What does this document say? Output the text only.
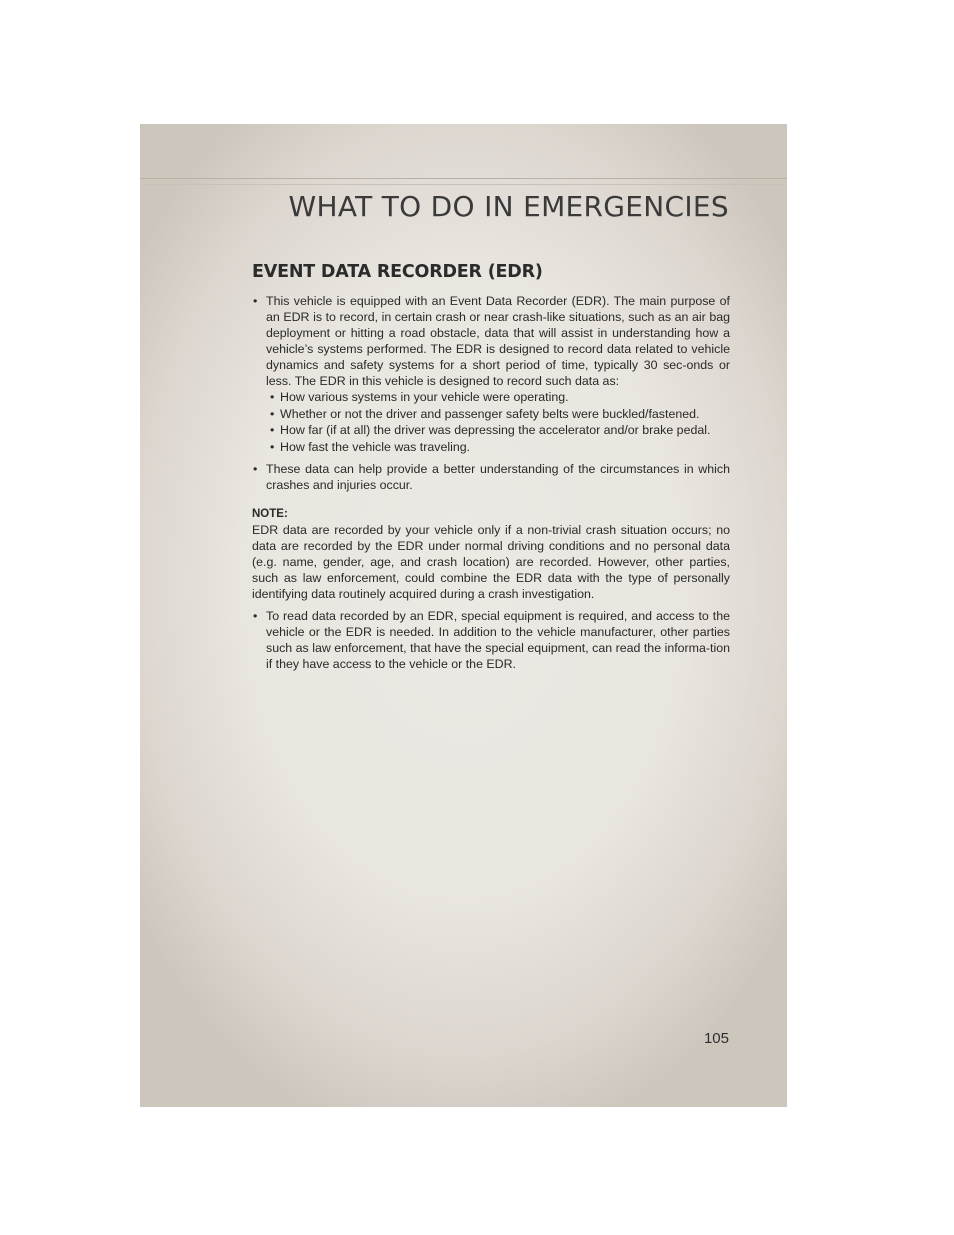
WHAT TO DO IN EMERGENCIES
EVENT DATA RECORDER (EDR)
• This vehicle is equipped with an Event Data Recorder (EDR). The main purpose of an EDR is to record, in certain crash or near crash-like situations, such as an air bag deployment or hitting a road obstacle, data that will assist in understanding how a vehicle’s systems performed. The EDR is designed to record data related to vehicle dynamics and safety systems for a short period of time, typically 30 sec-onds or less. The EDR in this vehicle is designed to record such data as:

• How various systems in your vehicle were operating.
• Whether or not the driver and passenger safety belts were buckled/fastened.
• How far (if at all) the driver was depressing the accelerator and/or brake pedal.
• How fast the vehicle was traveling.
• These data can help provide a better understanding of the circumstances in which crashes and injuries occur.

NOTE:

EDR data are recorded by your vehicle only if a non-trivial crash situation occurs; no data are recorded by the EDR under normal driving conditions and no personal data (e.g. name, gender, age, and crash location) are recorded. However, other parties, such as law enforcement, could combine the EDR data with the type of personally identifying data routinely acquired during a crash investigation.

• To read data recorded by an EDR, special equipment is required, and access to the vehicle or the EDR is needed. In addition to the vehicle manufacturer, other parties such as law enforcement, that have the special equipment, can read the informa-tion if they have access to the vehicle or the EDR.

105
